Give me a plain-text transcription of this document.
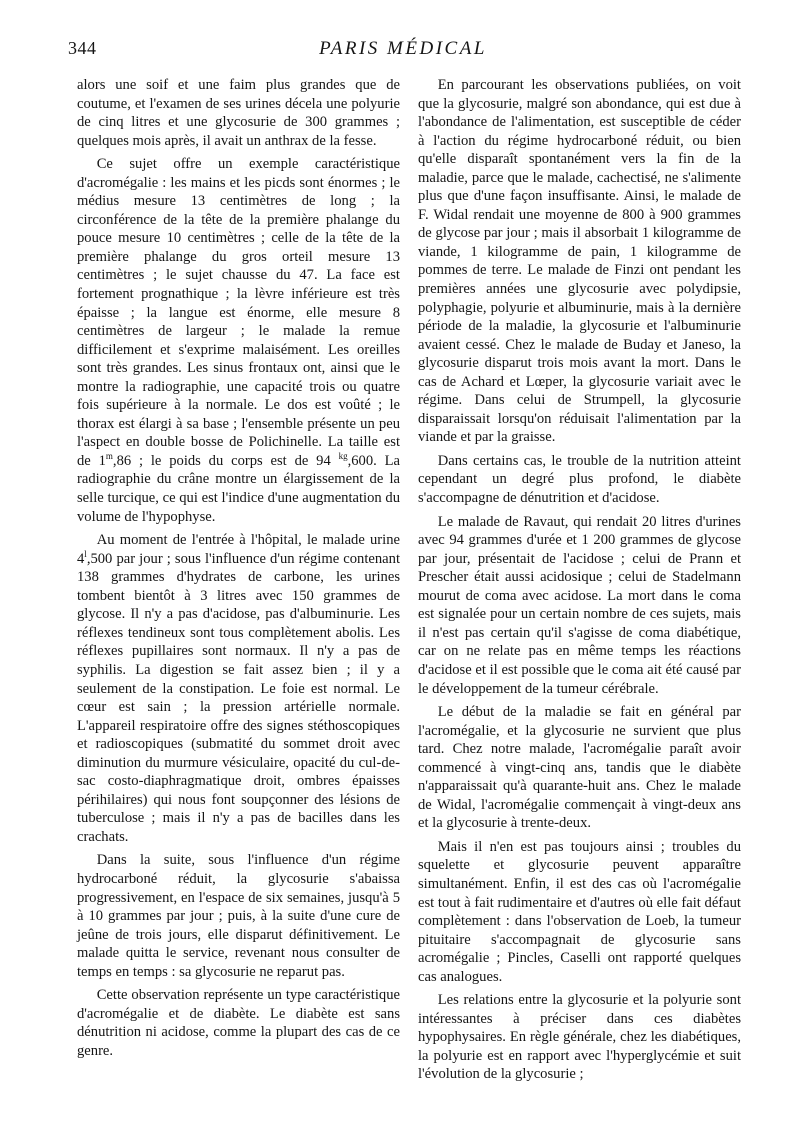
344	PARIS MÉDICAL

alors une soif et une faim plus grandes que de coutume, et l'examen de ses urines décela une polyurie de cinq litres et une glycosurie de 300 grammes ; quelques mois après, il avait un anthrax de la fesse.

Ce sujet offre un exemple caractéristique d'acromégalie : les mains et les picds sont énormes ; le médius mesure 13 centimètres de long ; la circonférence de la tête de la première phalange du pouce mesure 10 centimètres ; celle de la tête de la première phalange du gros orteil mesure 13 centimètres ; le sujet chausse du 47. La face est fortement prognathique ; la lèvre inférieure est très épaisse ; la langue est énorme, elle mesure 8 centimètres de largeur ; le malade la remue difficilement et s'exprime malaisément. Les oreilles sont très grandes. Les sinus frontaux ont, ainsi que le montre la radiographie, une capacité trois ou quatre fois supérieure à la normale. Le dos est voûté ; le thorax est élargi à sa base ; l'ensemble présente un peu l'aspect en double bosse de Polichinelle. La taille est de 1$^m$,86 ; le poids du corps est de 94 $^{kg}$,600. La radiographie du crâne montre un élargissement de la selle turcique, ce qui est l'indice d'une augmentation du volume de l'hypophyse.

Au moment de l'entrée à l'hôpital, le malade urine 4$^l$,500 par jour ; sous l'influence d'un régime contenant 138 grammes d'hydrates de carbone, les urines tombent bientôt à 3 litres avec 150 grammes de glycose. Il n'y a pas d'acidose, pas d'albuminurie. Les réflexes tendineux sont tous complètement abolis. Les réflexes pupillaires sont normaux. Il n'y a pas de syphilis. La digestion se fait assez bien ; il y a seulement de la constipation. Le foie est normal. Le cœur est sain ; la pression artérielle normale. L'appareil respiratoire offre des signes stéthoscopiques et radioscopiques (submatité du sommet droit avec diminution du murmure vésiculaire, opacité du cul-de-sac costo-diaphragmatique droit, ombres épaisses périhilaires) qui nous font soupçonner des lésions de tuberculose ; mais il n'y a pas de bacilles dans les crachats.

Dans la suite, sous l'influence d'un régime hydrocarboné réduit, la glycosurie s'abaissa progressivement, en l'espace de six semaines, jusqu'à 5 à 10 grammes par jour ; puis, à la suite d'une cure de jeûne de trois jours, elle disparut définitivement. Le malade quitta le service, revenant nous consulter de temps en temps : sa glycosurie ne reparut pas.

Cette observation représente un type caractéristique d'acromégalie et de diabète. Le diabète est sans dénutrition ni acidose, comme la plupart des cas de ce genre.

En parcourant les observations publiées, on voit que la glycosurie, malgré son abondance, qui est due à l'abondance de l'alimentation, est susceptible de céder à l'action du régime hydrocarboné réduit, ou bien qu'elle disparaît spontanément vers la fin de la maladie, parce que le malade, cachectisé, ne s'alimente plus que d'une façon insuffisante. Ainsi, le malade de F. Widal rendait une moyenne de 800 à 900 grammes de glycose par jour ; mais il absorbait 1 kilogramme de viande, 1 kilogramme de pain, 1 kilogramme de pommes de terre. Le malade de Finzi ont pendant les premières années une glycosurie avec polydipsie, polyphagie, polyurie et albuminurie, mais à la dernière période de la maladie, la glycosurie et l'albuminurie avaient cessé. Chez le malade de Buday et Janeso, la glycosurie disparut trois mois avant la mort. Dans le cas de Achard et Lœper, la glycosurie variait avec le régime. Dans celui de Strumpell, la glycosurie disparaissait lorsqu'on réduisait l'alimentation par la viande et par la graisse.

Dans certains cas, le trouble de la nutrition atteint cependant un degré plus profond, le diabète s'accompagne de dénutrition et d'acidose.

Le malade de Ravaut, qui rendait 20 litres d'urines avec 94 grammes d'urée et 1 200 grammes de glycose par jour, présentait de l'acidose ; celui de Prann et Prescher était aussi acidosique ; celui de Stadelmann mourut de coma avec acidose. La mort dans le coma est signalée pour un certain nombre de ces sujets, mais il n'est pas certain qu'il s'agisse de coma diabétique, car on ne relate pas en même temps les réactions d'acidose et il est possible que le coma ait été causé par le développement de la tumeur cérébrale.

Le début de la maladie se fait en général par l'acromégalie, et la glycosurie ne survient que plus tard. Chez notre malade, l'acromégalie paraît avoir commencé à vingt-cinq ans, tandis que le diabète n'apparaissait qu'à quarante-huit ans. Chez le malade de Widal, l'acromégalie commençait à vingt-deux ans et la glycosurie à trente-deux.

Mais il n'en est pas toujours ainsi ; troubles du squelette et glycosurie peuvent apparaître simultanément. Enfin, il est des cas où l'acromégalie est tout à fait rudimentaire et d'autres où elle fait défaut complètement : dans l'observation de Loeb, la tumeur pituitaire s'accompagnait de glycosurie sans acromégalie ; Pincles, Caselli ont rapporté quelques cas analogues.

Les relations entre la glycosurie et la polyurie sont intéressantes à préciser dans ces diabètes hypophysaires. En règle générale, chez les diabétiques, la polyurie est en rapport avec l'hyperglycémie et suit l'évolution de la glycosurie ;
